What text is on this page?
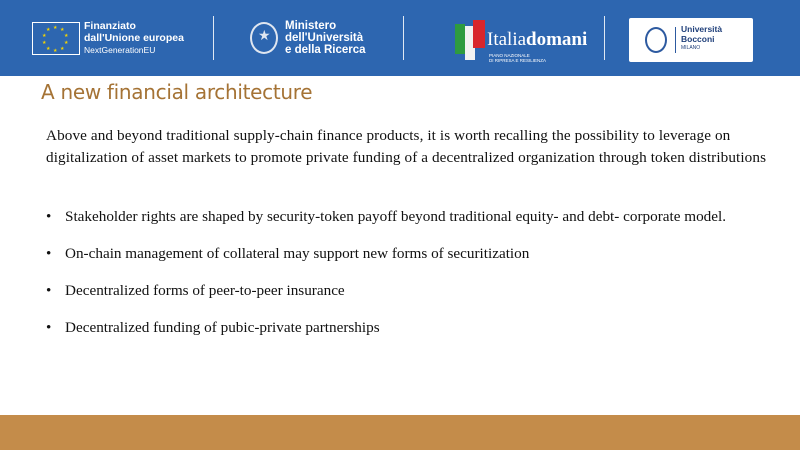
★ ★
★
★
★
★
★
★
★
★	Finanziato
dall'Unione europea
NextGenerationEU
★
Ministero
dell'Università
e della Ricerca	Italiadomani
PIANO NAZIONALE
DI RIPRESA E RESILIENZA
Università
Bocconi
MILANO
A new financial architecture
Above and beyond traditional supply-chain finance products, it is worth recalling the possibility to leverage on digitalization of asset markets to promote private funding of a decentralized organization through token distributions
• Stakeholder rights are shaped by security-token payoff beyond traditional equity- and debt- corporate model.
• On-chain management of collateral may support new forms of securitization
• Decentralized forms of peer-to-peer insurance
• Decentralized funding of pubic-private partnerships
